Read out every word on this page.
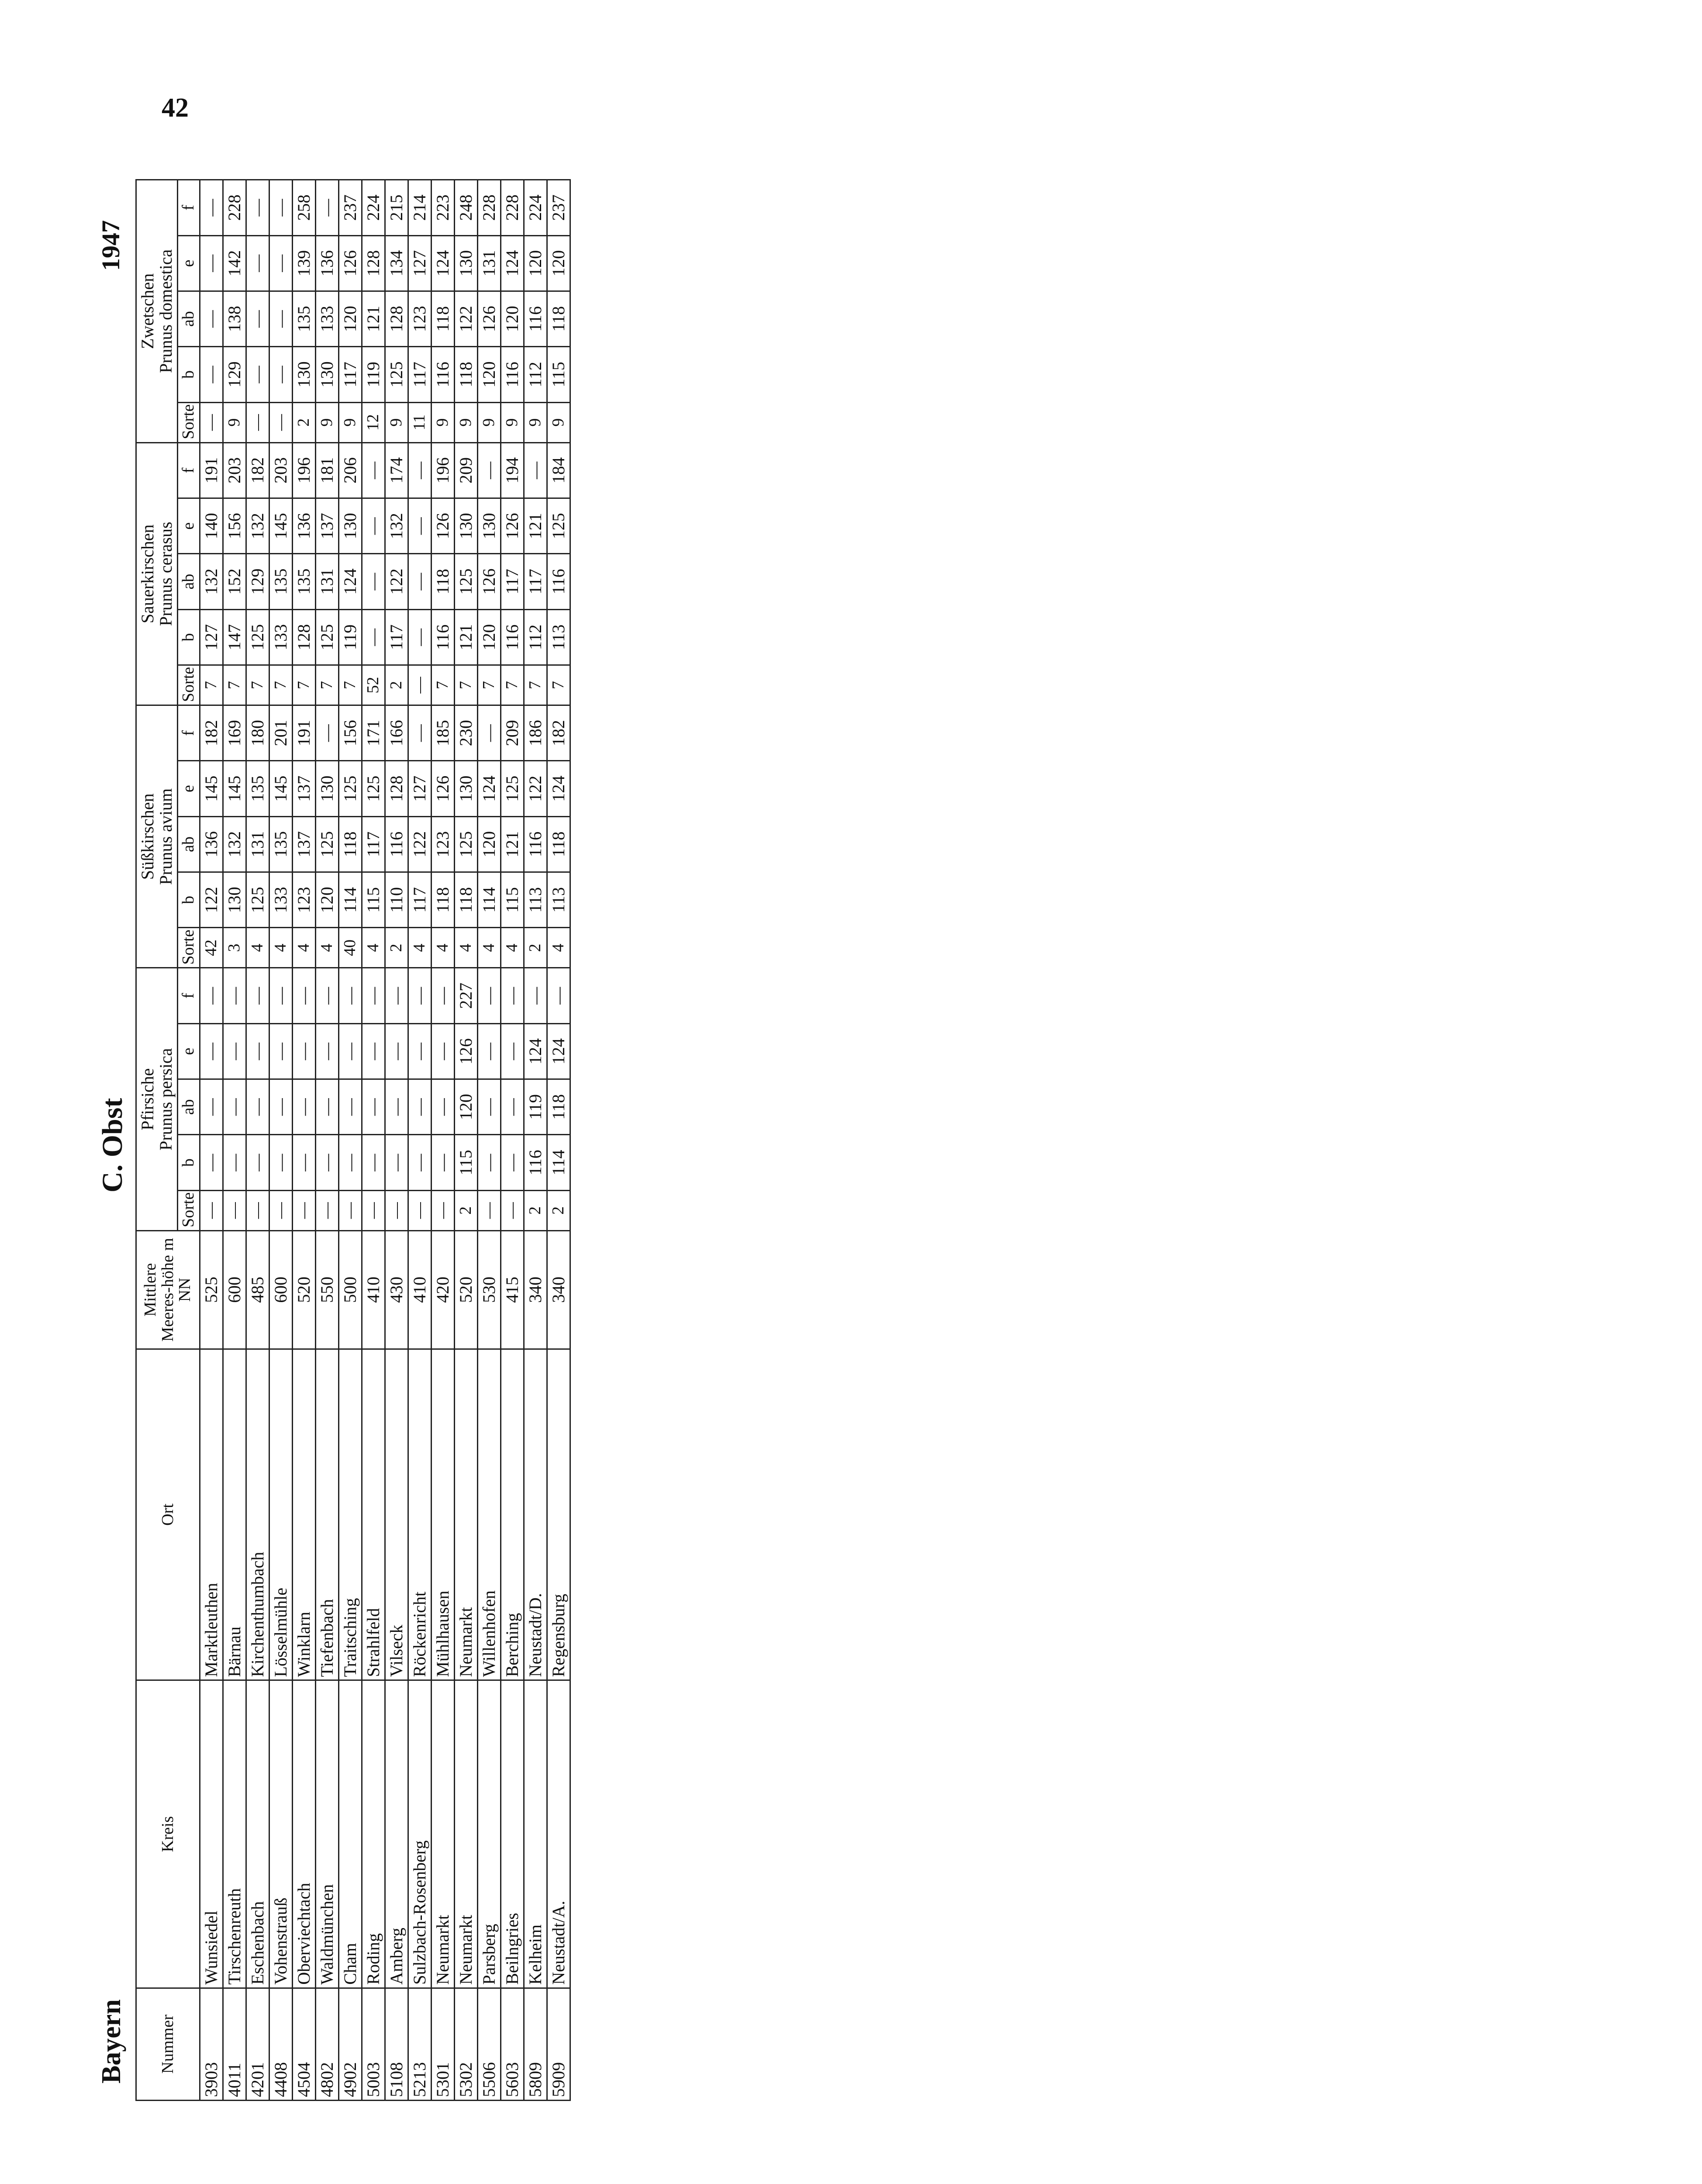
42
Bayern
C. Obst
1947
Nummer	Kreis	Ort	Mittlere Meeres-höhe m NN	Pfirsiche
Prunus persica					Süßkirschen
Prunus avium					Sauerkirschen
Prunus cerasus					Zwetschen
Prunus domestica				
				Sorte	b	ab	e	f	Sorte	b	ab	e	f	Sorte	b	ab	e	f	Sorte	b	ab	e	f
3903	Wunsiedel	Marktleuthen	525	—	—	—	—	—	42	122	136	145	182	7	127	132	140	191	—	—	—	—	—
4011	Tirschenreuth	Bärnau	600	—	—	—	—	—	3	130	132	145	169	7	147	152	156	203	9	129	138	142	228
4201	Eschenbach	Kirchenthumbach	485	—	—	—	—	—	4	125	131	135	180	7	125	129	132	182	—	—	—	—	—
4408	Vohenstrauß	Lösselmühle	600	—	—	—	—	—	4	133	135	145	201	7	133	135	145	203	—	—	—	—	—
4504	Oberviechtach	Winklarn	520	—	—	—	—	—	4	123	137	137	191	7	128	135	136	196	2	130	135	139	258
4802	Waldmünchen	Tiefenbach	550	—	—	—	—	—	4	120	125	130	—	7	125	131	137	181	9	130	133	136	—
4902	Cham	Traitsching	500	—	—	—	—	—	40	114	118	125	156	7	119	124	130	206	9	117	120	126	237
5003	Roding	Strahlfeld	410	—	—	—	—	—	4	115	117	125	171	52	—	—	—	—	12	119	121	128	224
5108	Amberg	Vilseck	430	—	—	—	—	—	2	110	116	128	166	2	117	122	132	174	9	125	128	134	215
5213	Sulzbach-Rosenberg	Röckenricht	410	—	—	—	—	—	4	117	122	127	—	—	—	—	—	—	11	117	123	127	214
5301	Neumarkt	Mühlhausen	420	—	—	—	—	—	4	118	123	126	185	7	116	118	126	196	9	116	118	124	223
5302	Neumarkt	Neumarkt	520	2	115	120	126	227	4	118	125	130	230	7	121	125	130	209	9	118	122	130	248
5506	Parsberg	Willenhofen	530	—	—	—	—	—	4	114	120	124	—	7	120	126	130	—	9	120	126	131	228
5603	Beilngries	Berching	415	—	—	—	—	—	4	115	121	125	209	7	116	117	126	194	9	116	120	124	228
5809	Kelheim	Neustadt/D.	340	2	116	119	124	—	2	113	116	122	186	7	112	117	121	—	9	112	116	120	224
5909	Neustadt/A.	Regensburg	340	2	114	118	124	—	4	113	118	124	182	7	113	116	125	184	9	115	118	120	237
